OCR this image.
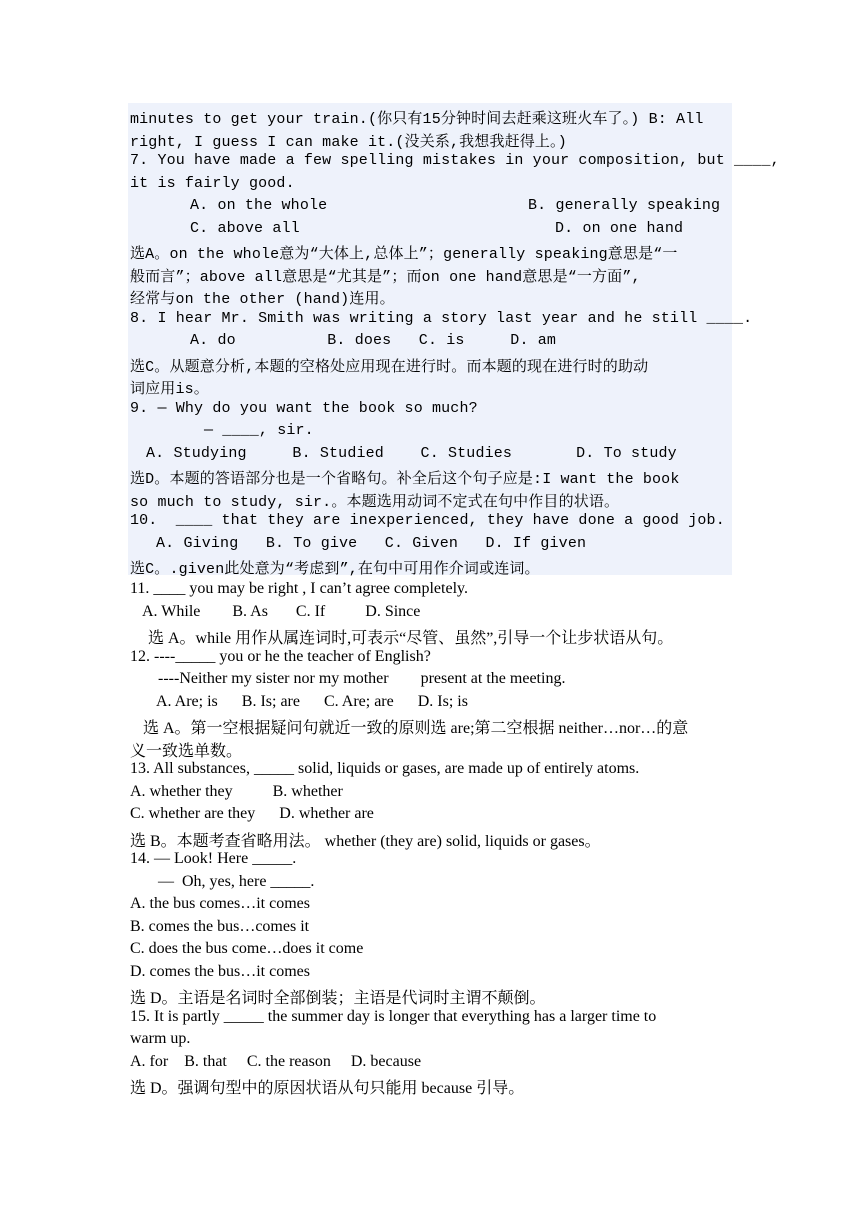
minutes to get your train.(你只有15分钟时间去赶乘这班火车了。) B: All
right, I guess I can make it.(没关系,我想我赶得上。)
7. You have made a few spelling mistakes in your composition, but ____,
it is fairly good.
A. on the whole	B. generally speaking
C. above all	D. on one hand
选A。on the whole意为“大体上,总体上”；generally speaking意思是“一
般而言”；above all意思是“尤其是”；而on one hand意思是“一方面”,
经常与on the other (hand)连用。
8. I hear Mr. Smith was writing a story last year and he still ____.
A. do          B. does   C. is     D. am
选C。从题意分析,本题的空格处应用现在进行时。而本题的现在进行时的助动
词应用is。
9. — Why do you want the book so much?
— ____, sir.
A. Studying     B. Studied    C. Studies       D. To study
选D。本题的答语部分也是一个省略句。补全后这个句子应是:I want the book
so much to study, sir.。本题选用动词不定式在句中作目的状语。
10.  ____ that they are inexperienced, they have done a good job.
A. Giving   B. To give   C. Given   D. If given
选C。.given此处意为“考虑到”,在句中可用作介词或连词。
11. ____ you may be right , I can’t agree completely.
A. While        B. As       C. If          D. Since
选 A。while 用作从属连词时,可表示“尽管、虽然”,引导一个让步状语从句。
12. ----_____ you or he the teacher of English?
----Neither my sister nor my mother        present at the meeting.
A. Are; is      B. Is; are      C. Are; are      D. Is; is
选 A。第一空根据疑问句就近一致的原则选 are;第二空根据 neither…nor…的意
义一致选单数。
13. All substances, _____ solid, liquids or gases, are made up of entirely atoms.
A. whether they          B. whether
C. whether are they      D. whether are
选 B。本题考查省略用法。 whether (they are) solid, liquids or gases。
14. — Look! Here _____.
—  Oh, yes, here _____.
A. the bus comes…it comes
B. comes the bus…comes it
C. does the bus come…does it come
D. comes the bus…it comes
选 D。主语是名词时全部倒装；主语是代词时主谓不颠倒。
15. It is partly _____ the summer day is longer that everything has a larger time to
warm up.
A. for    B. that     C. the reason     D. because
选 D。强调句型中的原因状语从句只能用 because 引导。
